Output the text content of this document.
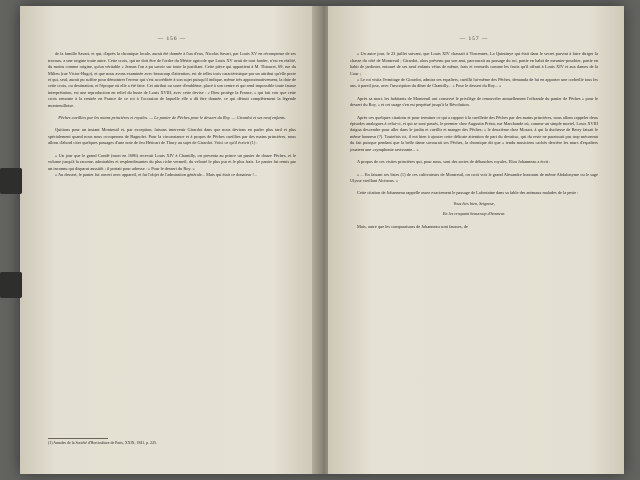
— 156 —

de la famille Savart, et qui, d'après la chronique locale, aurait été donnée à l'un d'eux, Nicolas Savart, par Louis XV en récompense de ses travaux, a une origine toute autre. Cette croix, qui ne doit être de l'ordre du Mérite agricole que Louis XV avait de tout fonder, n'est en réalité, du moins comme origine, qu'un véritable « Jeanus l'on a pu savoir sur toute la justifiant. Cette pièce qui appartient à M. Thiouret, 69, rue du Milieu (rue Victor-Hugo), et que nous avons examinée avec beaucoup d'attention, est de telles trois caractéristique par un attribut qu'elle porte et qui, seul, aurait pu suffire pour démontrer l'erreur qui s'est accréditée à son sujet puisqu'il indique, même très approximativement, la date de cette croix, ou destination, et l'époque où elle a été faite. Cet attribut ou sorte d'emblème, placé à son centre et qui rend impossible toute fausse interprétation, est une reproduction en relief du buste de Louis XVIII, avec cette devise : « Dieu protège la France, » qui fait voir que cette croix remonte à la rentrée en France de ce roi à l'occasion de laquelle elle a dû être donnée, ce qui détruit complètement la légende montreuilloise.

Pêches cueillies par les mains princières et royales. — Le panier de Pêches pour le dessert du Roy. — Girardot et ses neuf enfants.

Quittons pour un instant Montreuil et, par exception, faisons intervenir Girardot dans que nous devions en parler plus tard et plus spécialement quand nous nous occuperons de Bagnolet. Pour la circonstance et à propos de Pêches cueillies par des mains princières, nous allons d'abord citer quelques passages d'une note de feu Héricart de Thury au sujet de Girardot. Voici ce qu'il écrivit (1) :

« Un jour que le grand Condé (mort en 1686) recevait Louis XIV à Chantilly, on presenta au prince un panier de douze Pêches, et le volume jusqu'à la racome, admirables et resplendissantes du plus riche vermeil, du velouté le plus pur et le plus frais. Le panier fut remis par un inconnu qui disparut aussitôt ; il portait pour adresse : « Pour le dessert du Roy. »

« Au dessert, le panier fut ouvert avec appareil, et fut l'objet de l'admiration générale... Mais qui était ce donateur !...

(1) Annales de la Société d'Horticulture de Paris, XXIX, 1841, p. 225.
— 157 —

« Un autre jour, le 23 juillet suivant, que Louis XIV chassait à Vincennes, La Quintinye qui était dans le secret parvint à faire diriger la chasse du côté de Montreuil ; Girardot, alors prévenu par son ami, parcourait au passage du roi, partie en habit de meunier-poudrier, partie en habit de jardinier, entouré de ses neuf enfants vétus de même, frais et vermeils comme les fruits qu'il offrait à Louis XIV et aux dames de la Cour ;

« Le roi visita l'ermitage de Girardot, admira ses espaliers, cueillit lui-même des Pêches, demanda de lui en apporter une corbeille tous les ans, à pareil jour, avec l'inscription du dîner de Chantilly... » Pour le dessert du Roy... »

Après sa mort, les habitants de Montreuil ont conservé le privilège de renouveler annuellement l'offrande du panier de Pêches « pour le dessert du Roy, » et cet usage s'en est perpétué jusqu'à la Révolution.

Après ces quelques citations et pour terminer ce qui a rapport à la cueillette des Pêches par des mains princières, nous allons rappeler deux épisodes analogues à celui-ci, et qui se sont passés, le premier chez Augustin Préau, rue Marchande où, comme un simple mortel, Louis XVIII daigna descendre pour aller dans le jardin et cueillir et manger des Pêches; « le deuxième chez Mozart, à qui la duchesse de Berry faisait le même honneur (?). Toutefois ici, il eut bien à ajouter cette délicate attention de part du devaiiso, qui du reste ne paraissait pas trop méconnut du fait puisque pendant que la belle dame savourait ses Pêches, la chronique dit que « tendu musiciens cachés derrière les murs d'espaliers jouaient une «symphonie ravissante... »

A propos de ces visites princières qui, pour nous, sont des sortes de débauches royales, Elou Johanneau a écrit :

« ... En faisant ses listes (1) de ces cultivateurs de Montreuil, on croit voir le grand Alexandre honorant de même Abdalonyme ou le sage Ulysse vieillant Alcinous. »

Cette citation de Johanneau rappelle assez exactement le passage de Lafontaine dans sa fable des animaux malades de la peste :

Vous êtes bien, Seigneur,

En les croquant beaucoup d'honneur.

Mais, outre que les comparaisons de Johanneau sont fausses, de
